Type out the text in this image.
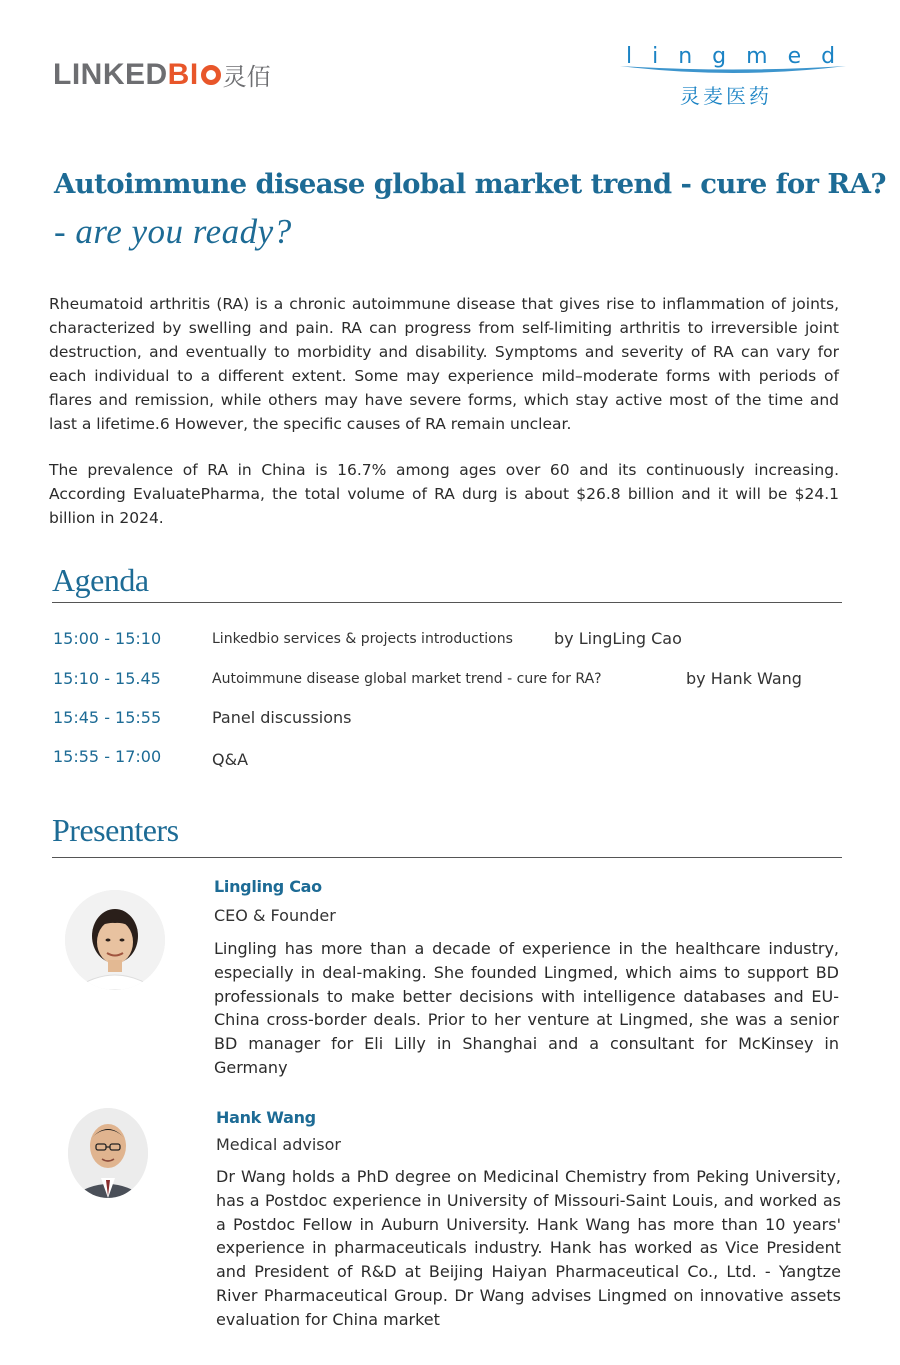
LINKED BI 灵佰
lingmed
灵麦医药
Autoimmune disease global market trend - cure for RA?
- are you ready?
Rheumatoid arthritis (RA) is a chronic autoimmune disease that gives rise to inflammation of joints, characterized by swelling and pain. RA can progress from self-limiting arthritis to irreversible joint destruction, and eventually to morbidity and disability. Symptoms and severity of RA can vary for each individual to a different extent. Some may experience mild–moderate forms with periods of flares and remission, while others may have severe forms, which stay active most of the time and last a lifetime.6 However, the specific causes of RA remain unclear.
The prevalence of RA in China is 16.7% among ages over 60 and its continuously increasing. According EvaluatePharma, the total volume of RA durg is about $26.8 billion and it will be $24.1 billion in 2024.
Agenda
15:00 - 15:10	Linkedbio services & projects introductions	by LingLing Cao
15:10 - 15.45	Autoimmune disease global market trend - cure for RA?	by Hank Wang
15:45 - 15:55	Panel discussions
15:55 - 17:00	Q&A
Presenters
Lingling Cao
CEO & Founder
Lingling has more than a decade of experience in the healthcare industry, especially in deal-making. She founded Lingmed, which aims to support BD professionals to make better decisions with intelligence databases and EU-China cross-border deals. Prior to her venture at Lingmed, she was a senior BD manager for Eli Lilly in Shanghai and a consultant for McKinsey in Germany
Hank Wang
Medical advisor
Dr Wang holds a PhD degree on Medicinal Chemistry from Peking University, has a Postdoc experience in University of Missouri-Saint Louis, and worked as a Postdoc Fellow in Auburn University. Hank Wang has more than 10 years' experience in pharmaceuticals industry. Hank has worked as Vice President and President of R&D at Beijing Haiyan Pharmaceutical Co., Ltd. - Yangtze River Pharmaceutical Group. Dr Wang advises Lingmed on innovative assets evaluation for China market
